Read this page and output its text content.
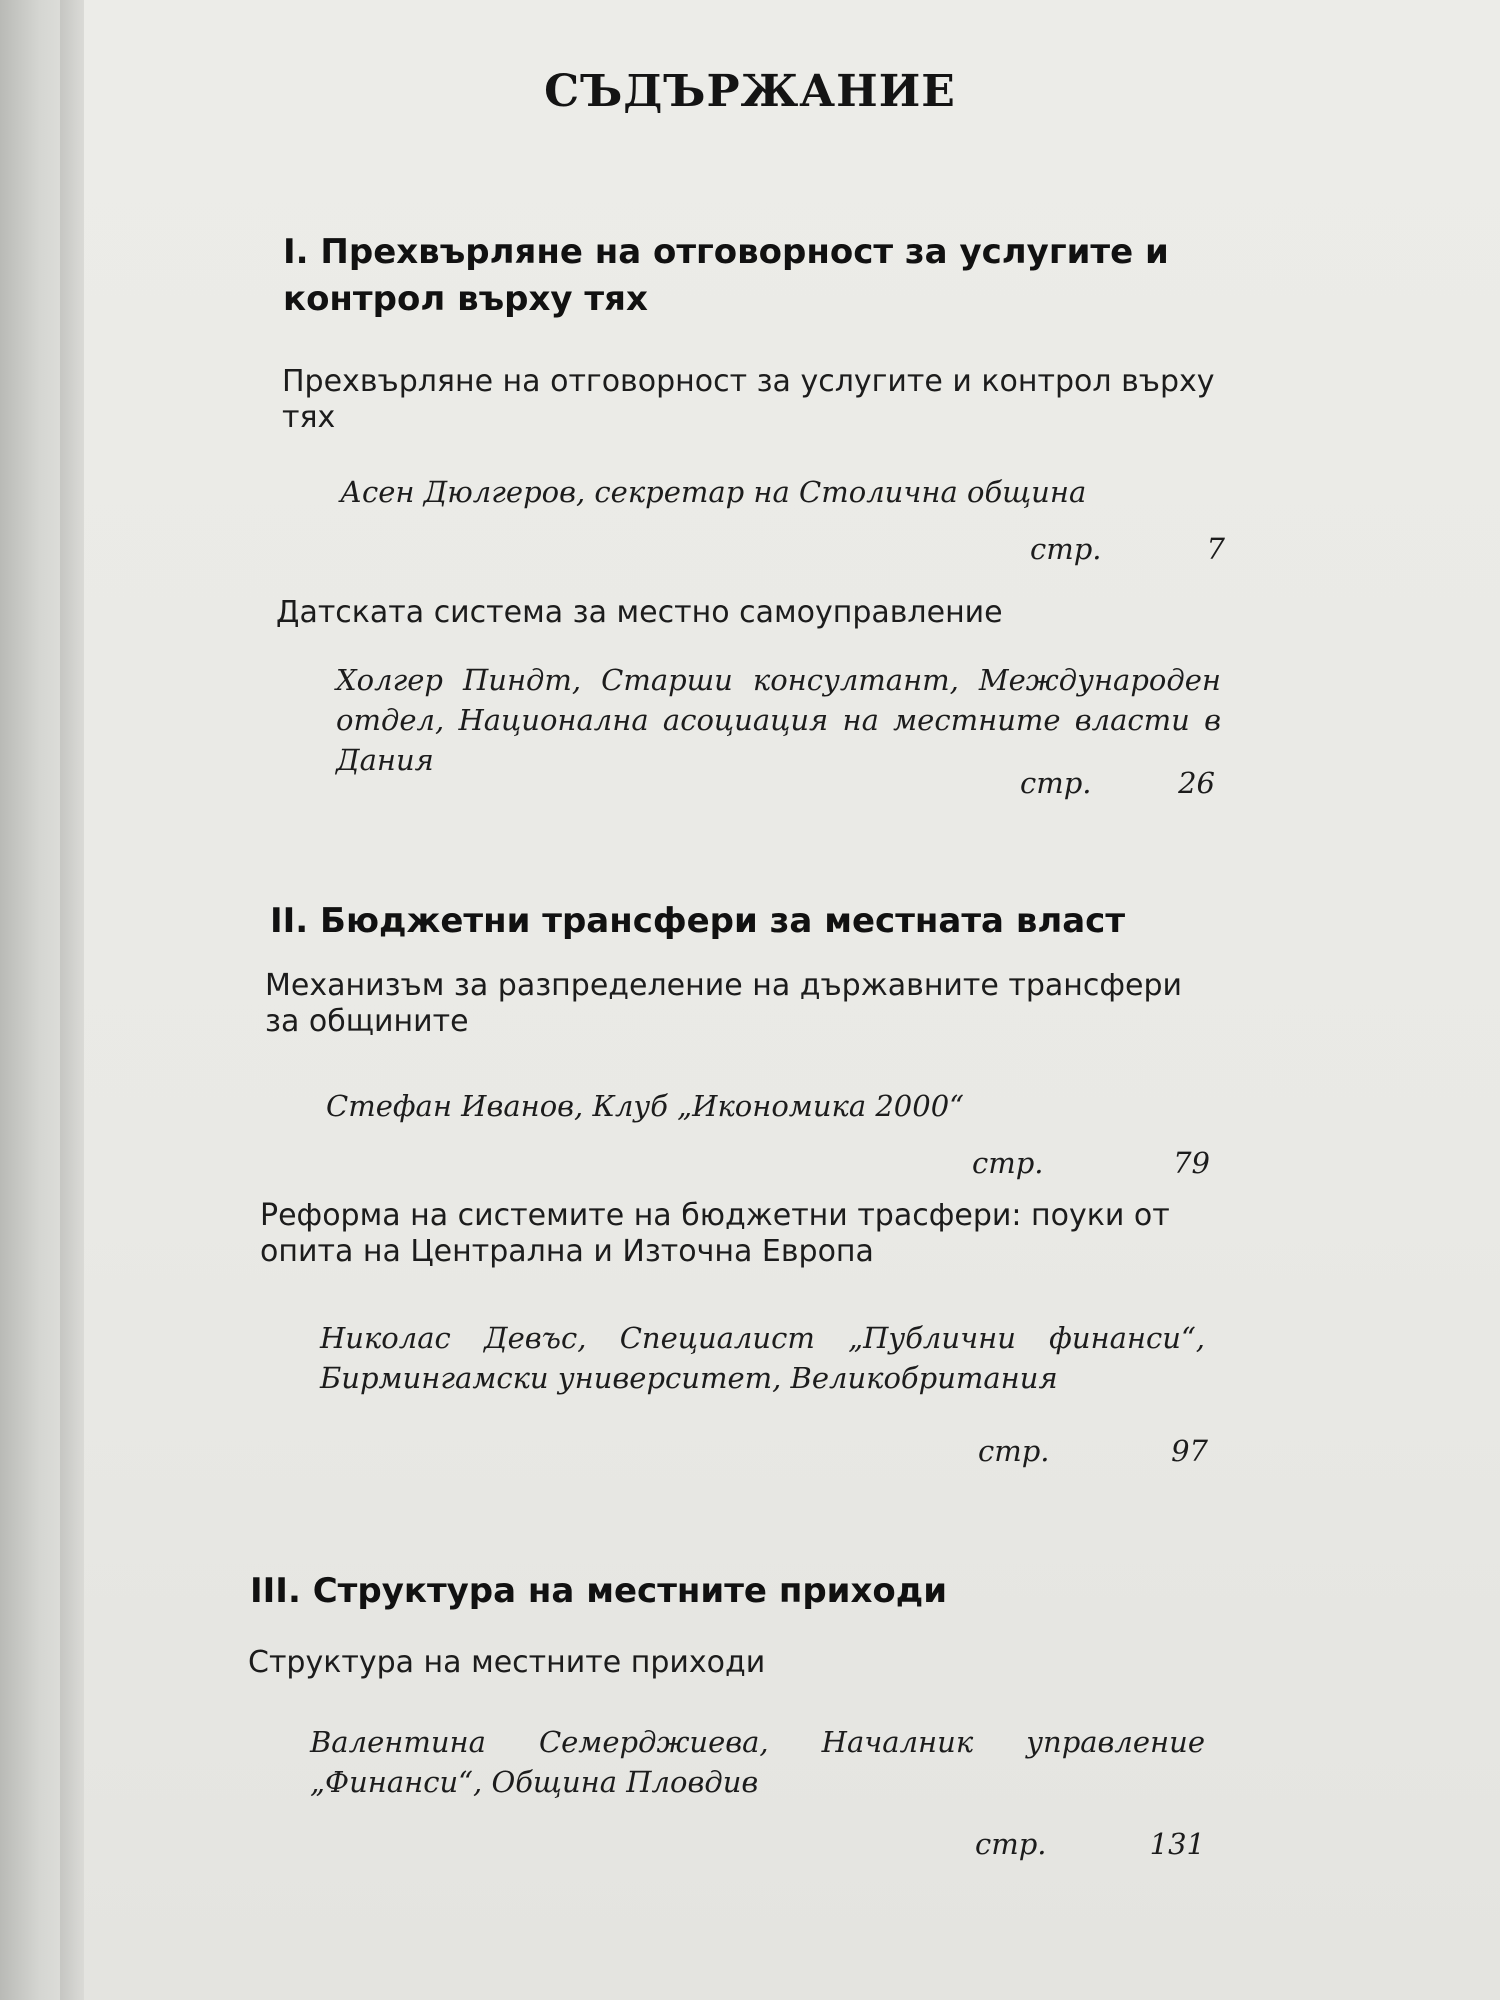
СЪДЪРЖАНИЕ
I. Прехвърляне на отговорност за услугите и контрол върху тях
Прехвърляне на отговорност за услугите и контрол върху тях
Асен Дюлгеров, секретар на Столична община
стр.	7
Датската система за местно самоуправление
Холгер Пиндт, Старши консултант, Международен отдел, Национална асоциация на местните власти в Дания
стр.	26
II. Бюджетни трансфери за местната власт
Механизъм за разпределение на държавните трансфери за общините
Стефан Иванов, Клуб „Икономика 2000“
стр.	79
Реформа на системите на бюджетни трасфери: поуки от опита на Централна и Източна Европа
Николас Девъс, Специалист „Публични финанси“, Бирмингамски университет, Великобритания
стр.	97
III. Структура на местните приходи
Структура на местните приходи
Валентина Семерджиева, Началник управление „Финанси“, Община Пловдив
стр.	131
